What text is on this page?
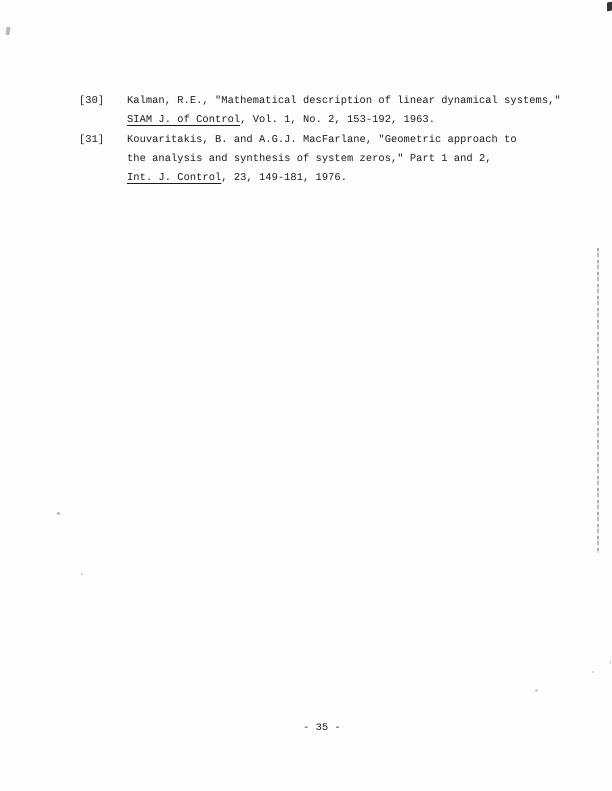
[30] Kalman, R.E., "Mathematical description of linear dynamical systems,"
SIAM J. of Control, Vol. 1, No. 2, 153-192, 1963.
[31] Kouvaritakis, B. and A.G.J. MacFarlane, "Geometric approach to
the analysis and synthesis of system zeros," Part 1 and 2,
Int. J. Control, 23, 149-181, 1976.
- 35 -
